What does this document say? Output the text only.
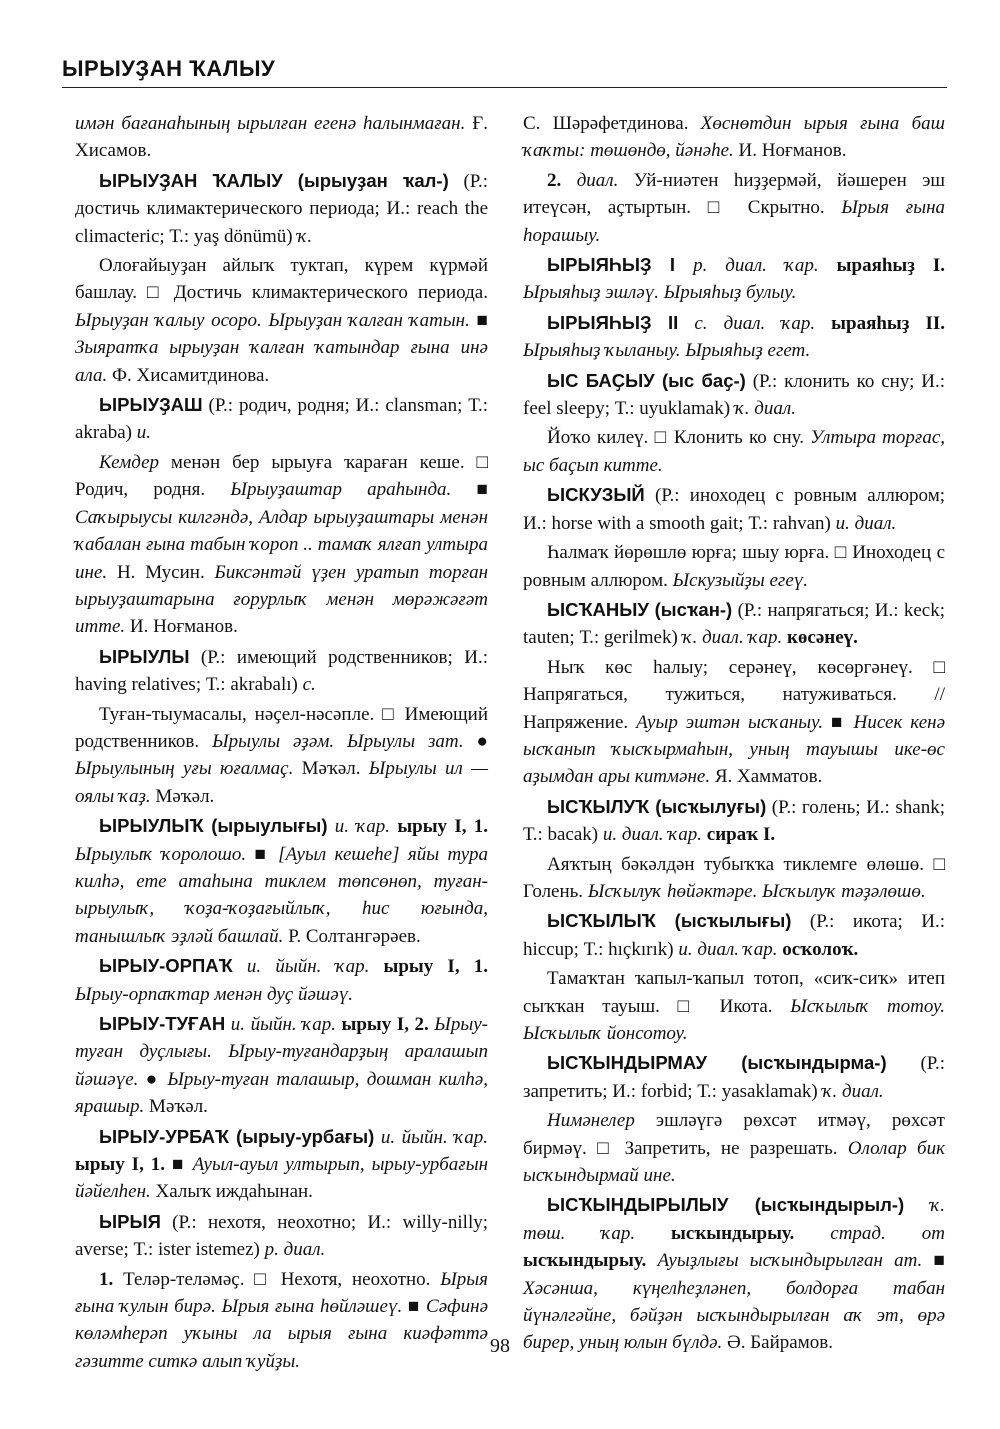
ЫРЫУҘАН ҠАЛЫУ

имән бағанаһының ырылған егенә һалынмаған. Ғ. Хисамов.

ЫРЫУҘАН ҠАЛЫУ (ырыуҙан ҡал-) (Р.: достичь климактерического периода; И.: reach the climacteric; Т.: yaş dönümü) ҡ.

Олоғайыуҙан айлыҡ туктап, күрем күрмәй башлау. □ Достичь климактерического периода. Ырыуҙан ҡалыу осоро. Ырыуҙан ҡалған ҡатын. ■ Зыяратҡа ырыуҙан ҡалған ҡатындар ғына инә ала. Ф. Хисамитдинова.

ЫРЫУҘАШ (Р.: родич, родня; И.: clansman; Т.: akraba) и.

Кемдер менән бер ырыуға ҡараған кеше. □ Родич, родня. Ырыуҙаштар араһында. ■ Саҡырыусы килгәндә, Алдар ырыуҙаштары менән ҡабалан ғына табын ҡороп .. тамаҡ ялғап ултыра ине. Н. Мусин. Биксәнтәй үҙен уратып торған ырыуҙаштарына ғорурлыҡ менән мөрәжәғәт итте. И. Ноғманов.

ЫРЫУЛЫ (Р.: имеющий родственников; И.: having relatives; Т.: akrabalı) с.

Туған-тыумасалы, нәҫел-нәсәпле. □ Имеющий родственников. Ырыулы әҙәм. Ырыулы зат. ● Ырыулының уғы юғалмаҫ. Мәҡәл. Ырыулы ил — оялы ҡаҙ. Мәҡәл.

ЫРЫУЛЫҠ (ырыулығы) и. ҡар. ырыу I, 1. Ырыулыҡ ҡоролошо. ■ [Ауыл кешеһе] яйы тура килһә, ете атаһына тиклем төпсөнөп, туған-ырыулыҡ, ҡоҙа-ҡоҙағыйлыҡ, һис юғында, танышлыҡ эҙләй башлай. Р. Солтангәрәев.

ЫРЫУ-ОРПАҠ и. йыйн. ҡар. ырыу I, 1. Ырыу-орпаҡтар менән дуҫ йәшәү.

ЫРЫУ-ТУҒАН и. йыйн. ҡар. ырыу I, 2. Ырыу-туған дуҫлығы. Ырыу-туғандарҙың аралашып йәшәүе. ● Ырыу-туған талашыр, дошман килһә, ярашыр. Мәҡәл.

ЫРЫУ-УРБАҠ (ырыу-урбағы) и. йыйн. ҡар. ырыу I, 1. ■ Ауыл-ауыл ултырып, ырыу-урбағын йәйелһен. Халыҡ иждаһынан.

ЫРЫЯ (Р.: нехотя, неохотно; И.: willy-nilly; averse; Т.: ister istemez) р. диал.

1. Теләр-теләмәҫ. □ Нехотя, неохотно. Ырыя ғына ҡулын бирә. Ырыя ғына һөйләшеү. ■ Сәфинә көләмһерәп уҡыны ла ырыя ғына киәфәттә гәзитте ситкә алып ҡуйҙы.

С. Шәрәфетдинова. Хөснөтдин ырыя ғына баш ҡаҡты: төшөндө, йәнәһе. И. Ноғманов.

2. диал. Уй-ниәтен һиҙҙермәй, йәшерен эш итеүсән, аҫтыртын. □ Скрытно. Ырыя ғына һорашыу.

ЫРЫЯҺЫҘ I р. диал. ҡар. ыраяһыҙ I. Ырыяһыҙ эшләү. Ырыяһыҙ булыу.

ЫРЫЯҺЫҘ II с. диал. ҡар. ыраяһыҙ II. Ырыяһыҙ ҡыланыу. Ырыяһыҙ егет.

ЫС БАҪЫУ (ыс баҫ-) (Р.: клонить ко сну; И.: feel sleepy; Т.: uyuklamak) ҡ. диал.

Йоҡо килеү. □ Клонить ко сну. Ултыра торғас, ыс баҫып китте.

ЫСКУЗЫЙ (Р.: иноходец с ровным аллюром; И.: horse with a smooth gait; Т.: rahvan) и. диал.

Һалмаҡ йөрөшлө юрға; шыу юрға. □ Иноходец с ровным аллюром. Ыскузыйҙы егеү.

ЫСҠАНЫУ (ысҡан-) (Р.: напрягаться; И.: keck; tauten; Т.: gerilmek) ҡ. диал. ҡар. көсәнеү.

Ныҡ көс һалыу; серәнеү, көсөргәнеү. □ Напрягаться, тужиться, натуживаться. // Напряжение. Ауыр эштән ысҡаныу. ■ Нисек кенә ысҡанып ҡысҡырмаһын, уның тауышы ике-өс аҙымдан ары китмәне. Я. Хамматов.

ЫСҠЫЛУҠ (ысҡылуғы) (Р.: голень; И.: shank; Т.: bacak) и. диал. ҡар. сираҡ I.

Аяҡтың бәкәлдән тубыҡҡа тиклемге өлөшө. □ Голень. Ысҡылуҡ һөйәктәре. Ысҡылуҡ тәҙәлөшө.

ЫСҠЫЛЫҠ (ысҡылығы) (Р.: икота; И.: hiccup; Т.: hıçkırık) и. диал. ҡар. осҡолоҡ.

Тамаҡтан ҡапыл-ҡапыл тотоп, «сиҡ-сиҡ» итеп сыҡҡан тауыш. □ Икота. Ысҡылыҡ тотоу. Ысҡылыҡ йонсотоу.

ЫСҠЫНДЫРМАУ (ысҡындырма-) (Р.: запретить; И.: forbid; Т.: yasaklamak) ҡ. диал.

Нимәнелер эшләүгә рөхсәт итмәү, рөхсәт бирмәү. □ Запретить, не разрешать. Ололар бик ысҡындырмай ине.

ЫСҠЫНДЫРЫЛЫУ (ысҡындырыл-) ҡ. төш. ҡар. ысҡындырыу. страд. от ысҡындырыу. Ауыҙлығы ысҡындырылған ат. ■ Хәсәнша, күңелһеҙләнеп, болдорға табан йүнәлгәйне, бәйҙән ысҡындырылған аҡ эт, өрә бирер, уның юлын бүлдә. Ә. Байрамов.

98
